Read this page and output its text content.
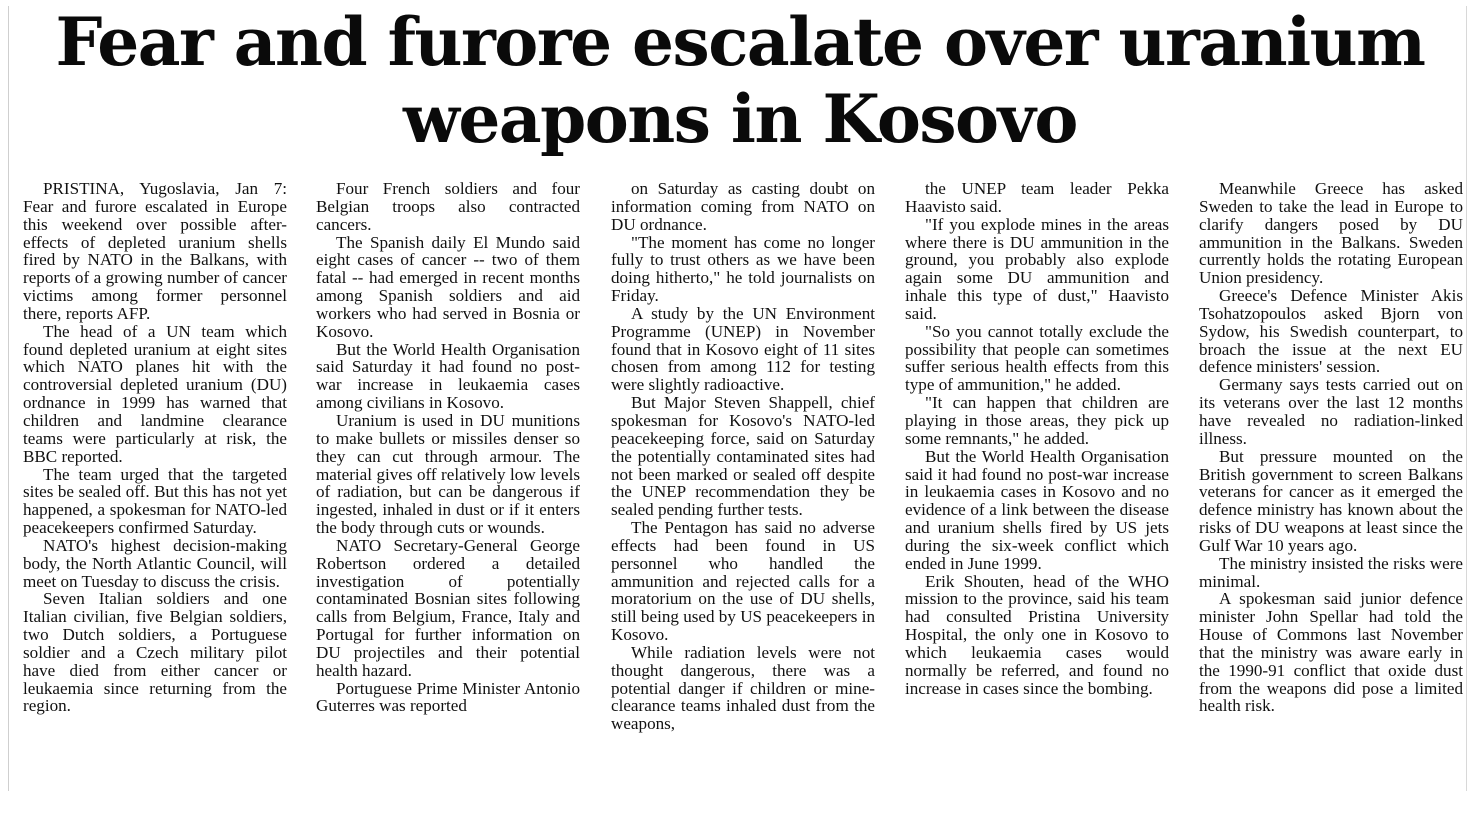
Fear and furore escalate over uranium weapons in Kosovo

PRISTINA, Yugoslavia, Jan 7: Fear and furore escalated in Europe this weekend over possible after-effects of depleted uranium shells fired by NATO in the Balkans, with reports of a growing number of cancer victims among former personnel there, reports AFP.

The head of a UN team which found depleted uranium at eight sites which NATO planes hit with the controversial depleted uranium (DU) ordnance in 1999 has warned that children and landmine clearance teams were particularly at risk, the BBC reported.

The team urged that the targeted sites be sealed off. But this has not yet happened, a spokesman for NATO-led peacekeepers confirmed Saturday.

NATO's highest decision-making body, the North Atlantic Council, will meet on Tuesday to discuss the crisis.

Seven Italian soldiers and one Italian civilian, five Belgian soldiers, two Dutch soldiers, a Portuguese soldier and a Czech military pilot have died from either cancer or leukaemia since returning from the region.

Four French soldiers and four Belgian troops also contracted cancers.

The Spanish daily El Mundo said eight cases of cancer -- two of them fatal -- had emerged in recent months among Spanish soldiers and aid workers who had served in Bosnia or Kosovo.

But the World Health Organisation said Saturday it had found no post-war increase in leukaemia cases among civilians in Kosovo.

Uranium is used in DU munitions to make bullets or missiles denser so they can cut through armour. The material gives off relatively low levels of radiation, but can be dangerous if ingested, inhaled in dust or if it enters the body through cuts or wounds.

NATO Secretary-General George Robertson ordered a detailed investigation of potentially contaminated Bosnian sites following calls from Belgium, France, Italy and Portugal for further information on DU projectiles and their potential health hazard.

Portuguese Prime Minister Antonio Guterres was reported

on Saturday as casting doubt on information coming from NATO on DU ordnance.

"The moment has come no longer fully to trust others as we have been doing hitherto," he told journalists on Friday.

A study by the UN Environment Programme (UNEP) in November found that in Kosovo eight of 11 sites chosen from among 112 for testing were slightly radioactive.

But Major Steven Shappell, chief spokesman for Kosovo's NATO-led peacekeeping force, said on Saturday the potentially contaminated sites had not been marked or sealed off despite the UNEP recommendation they be sealed pending further tests.

The Pentagon has said no adverse effects had been found in US personnel who handled the ammunition and rejected calls for a moratorium on the use of DU shells, still being used by US peacekeepers in Kosovo.

While radiation levels were not thought dangerous, there was a potential danger if children or mine-clearance teams inhaled dust from the weapons,

the UNEP team leader Pekka Haavisto said.

"If you explode mines in the areas where there is DU ammunition in the ground, you probably also explode again some DU ammunition and inhale this type of dust," Haavisto said.

"So you cannot totally exclude the possibility that people can sometimes suffer serious health effects from this type of ammunition," he added.

"It can happen that children are playing in those areas, they pick up some remnants," he added.

But the World Health Organisation said it had found no post-war increase in leukaemia cases in Kosovo and no evidence of a link between the disease and uranium shells fired by US jets during the six-week conflict which ended in June 1999.

Erik Shouten, head of the WHO mission to the province, said his team had consulted Pristina University Hospital, the only one in Kosovo to which leukaemia cases would normally be referred, and found no increase in cases since the bombing.

Meanwhile Greece has asked Sweden to take the lead in Europe to clarify dangers posed by DU ammunition in the Balkans. Sweden currently holds the rotating European Union presidency.

Greece's Defence Minister Akis Tsohatzopoulos asked Bjorn von Sydow, his Swedish counterpart, to broach the issue at the next EU defence ministers' session.

Germany says tests carried out on its veterans over the last 12 months have revealed no radiation-linked illness.

But pressure mounted on the British government to screen Balkans veterans for cancer as it emerged the defence ministry has known about the risks of DU weapons at least since the Gulf War 10 years ago.

The ministry insisted the risks were minimal.

A spokesman said junior defence minister John Spellar had told the House of Commons last November that the ministry was aware early in the 1990-91 conflict that oxide dust from the weapons did pose a limited health risk.
